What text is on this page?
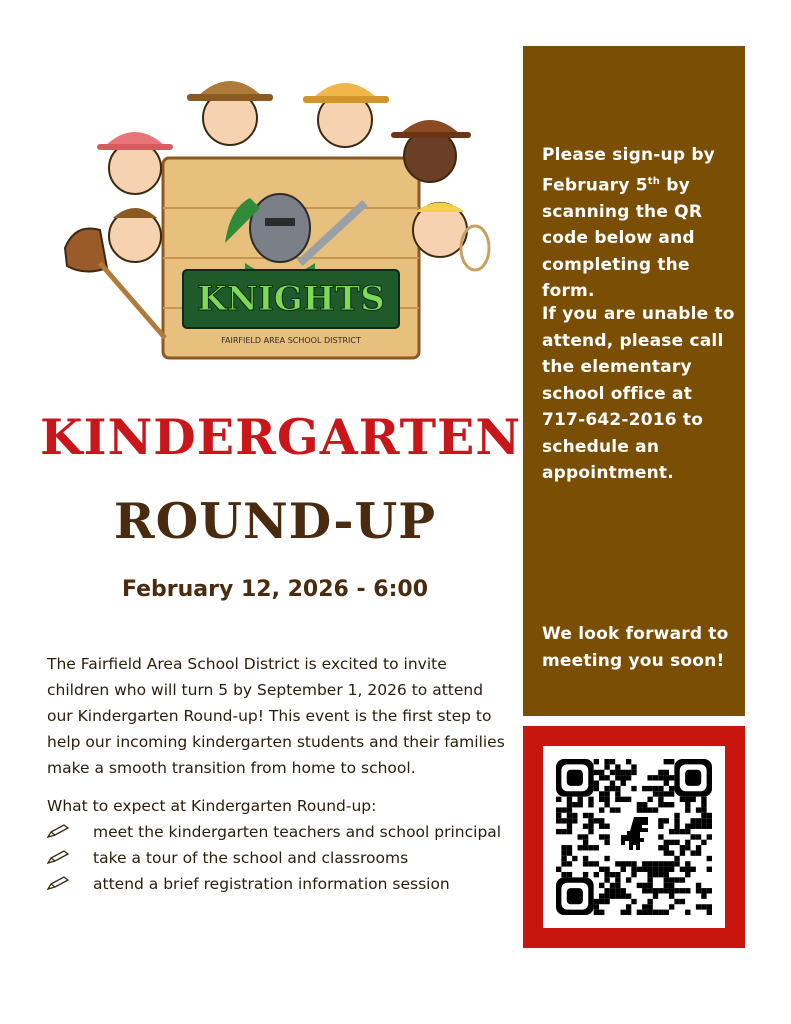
KNIGHTS
FAIRFIELD AREA SCHOOL DISTRICT
KINDERGARTEN
ROUND-UP
February 12, 2026 - 6:00
The Fairfield Area School District is excited to invite children who will turn 5 by September 1, 2026 to attend our Kindergarten Round-up! This event is the first step to help our incoming kindergarten students and their families make a smooth transition from home to school.
What to expect at Kindergarten Round-up:
meet the kindergarten teachers and school principal
take a tour of the school and classrooms
attend a brief registration information session

Please sign-up by February 5th by scanning the QR code below and completing the form.

If you are unable to attend, please call the elementary school office at 717-642-2016 to schedule an appointment.

We look forward to meeting you soon!
